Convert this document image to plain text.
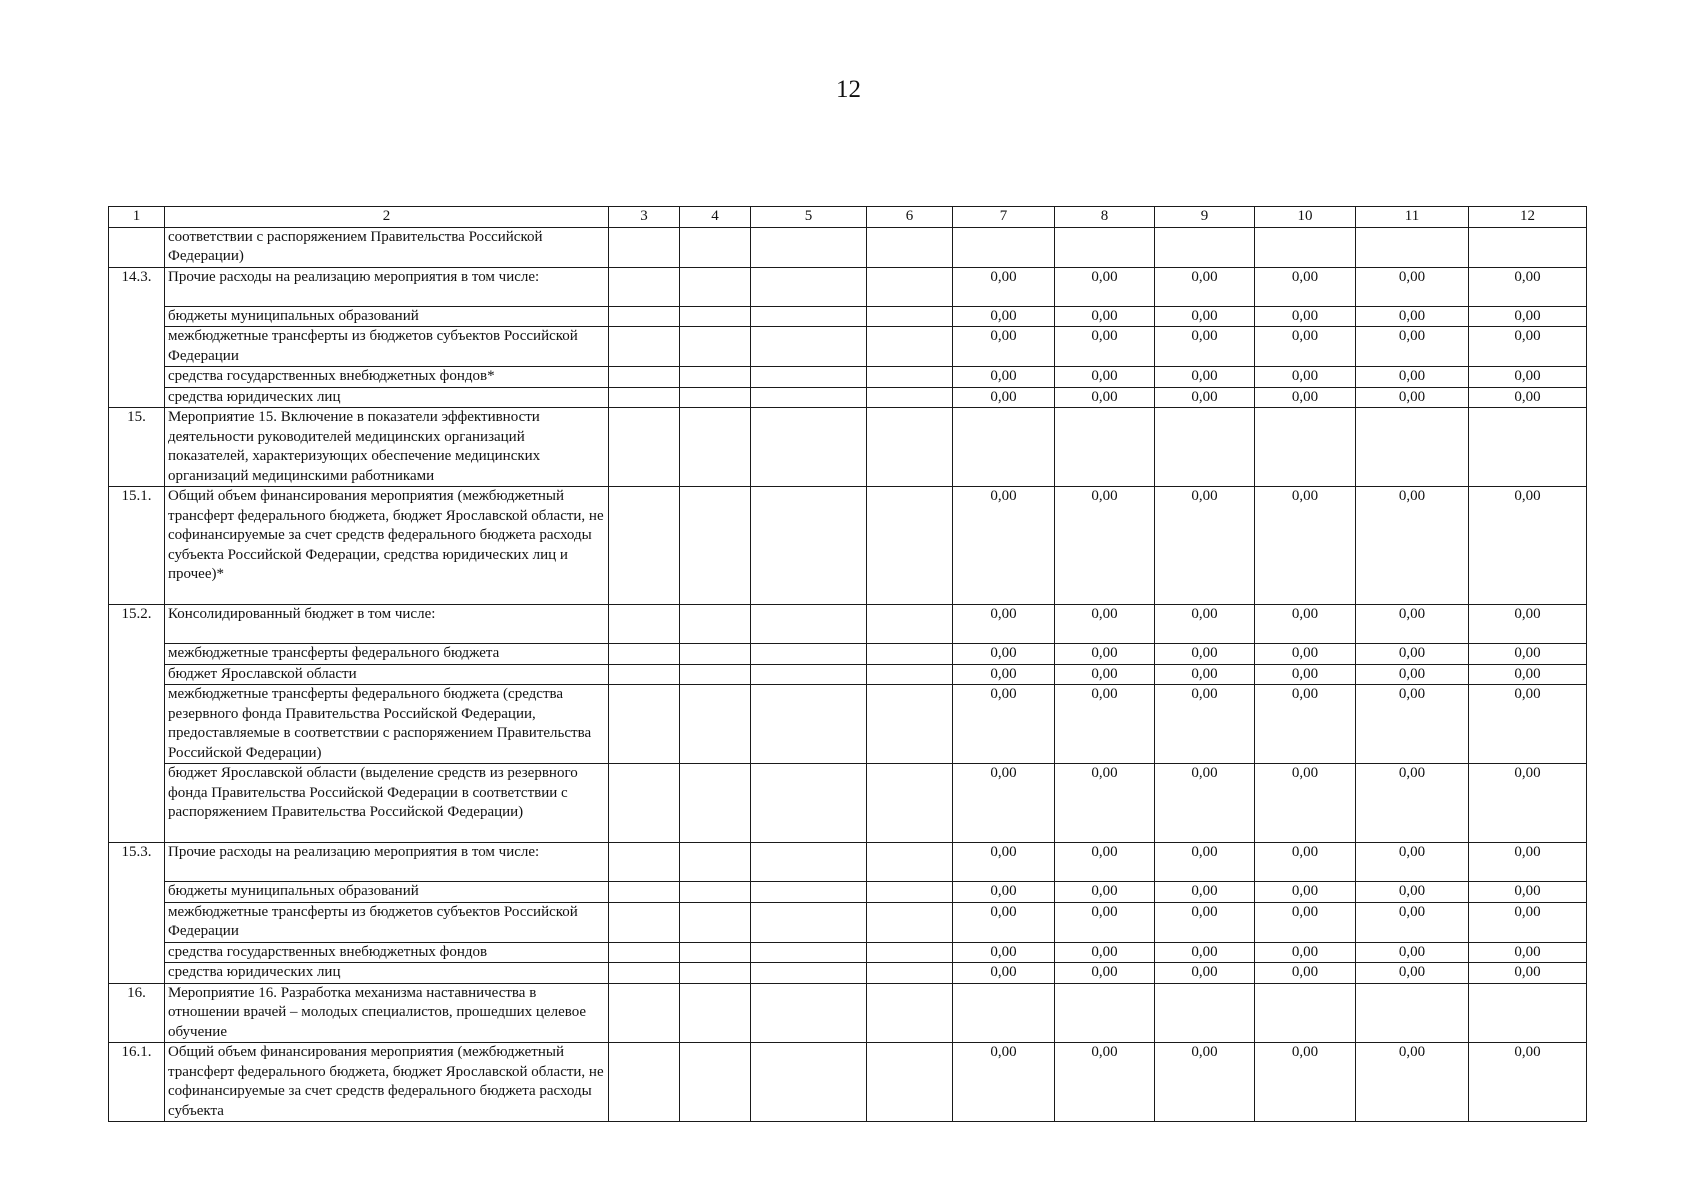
12
1	2	3	4	5	6	7	8	9	10	11	12
	соответствии с распоряжением Правительства Российской Федерации)										
14.3.	Прочие расходы на реализацию мероприятия в том числе:					0,00	0,00	0,00	0,00	0,00	0,00
	бюджеты муниципальных образований					0,00	0,00	0,00	0,00	0,00	0,00
	межбюджетные трансферты из бюджетов субъектов Российской Федерации					0,00	0,00	0,00	0,00	0,00	0,00
	средства государственных внебюджетных фондов*					0,00	0,00	0,00	0,00	0,00	0,00
	средства юридических лиц					0,00	0,00	0,00	0,00	0,00	0,00
15.	Мероприятие 15. Включение в показатели эффективности деятельности руководителей медицинских организаций показателей, характеризующих обеспечение медицинских организаций медицинскими работниками										
15.1.	Общий объем финансирования мероприятия (межбюджетный трансферт федерального бюджета, бюджет Ярославской области, не софинансируемые за счет средств федерального бюджета расходы субъекта Российской Федерации, средства юридических лиц и прочее)*					0,00	0,00	0,00	0,00	0,00	0,00
15.2.	Консолидированный бюджет в том числе:					0,00	0,00	0,00	0,00	0,00	0,00
	межбюджетные трансферты федерального бюджета					0,00	0,00	0,00	0,00	0,00	0,00
	бюджет Ярославской области					0,00	0,00	0,00	0,00	0,00	0,00
	межбюджетные трансферты федерального бюджета (средства резервного фонда Правительства Российской Федерации, предоставляемые в соответствии с распоряжением Правительства Российской Федерации)					0,00	0,00	0,00	0,00	0,00	0,00
	бюджет Ярославской области (выделение средств из резервного фонда Правительства Российской Федерации в соответствии с распоряжением Правительства Российской Федерации)					0,00	0,00	0,00	0,00	0,00	0,00
15.3.	Прочие расходы на реализацию мероприятия в том числе:					0,00	0,00	0,00	0,00	0,00	0,00
	бюджеты муниципальных образований					0,00	0,00	0,00	0,00	0,00	0,00
	межбюджетные трансферты из бюджетов субъектов Российской Федерации					0,00	0,00	0,00	0,00	0,00	0,00
	средства государственных внебюджетных фондов					0,00	0,00	0,00	0,00	0,00	0,00
	средства юридических лиц					0,00	0,00	0,00	0,00	0,00	0,00
16.	Мероприятие 16. Разработка механизма наставничества в отношении врачей – молодых специалистов, прошедших целевое обучение										
16.1.	Общий объем финансирования мероприятия (межбюджетный трансферт федерального бюджета, бюджет Ярославской области, не софинансируемые за счет средств федерального бюджета расходы субъекта					0,00	0,00	0,00	0,00	0,00	0,00
